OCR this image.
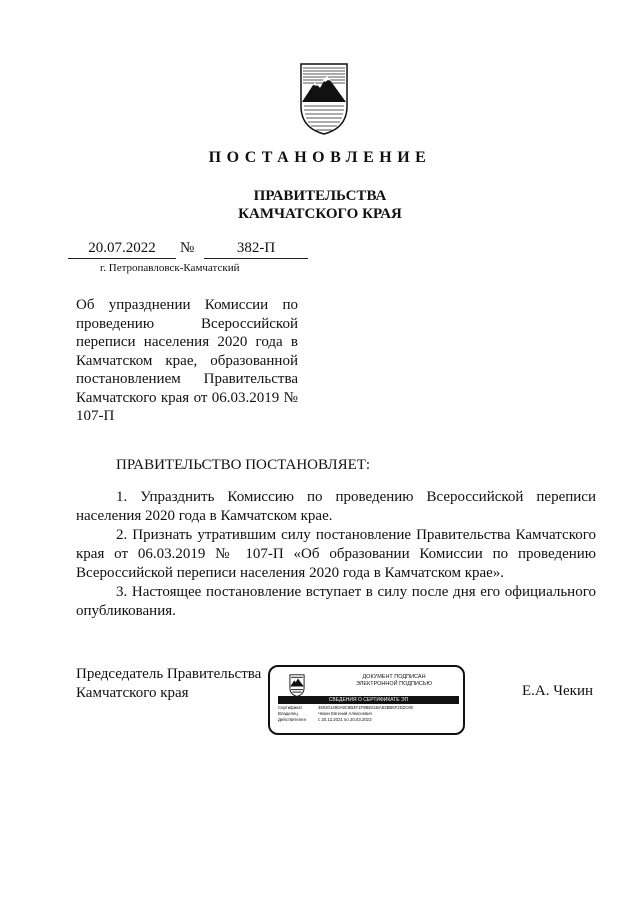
ПОСТАНОВЛЕНИЕ
ПРАВИТЕЛЬСТВА
КАМЧАТСКОГО КРАЯ
20.07.2022	№	382-П
г. Петропавловск-Камчатский
Об упразднении Комиссии по проведению Всероссийской переписи населения 2020 года в Камчатском крае, образованной постановлением Правительства Камчатского края от 06.03.2019 № 107-П
ПРАВИТЕЛЬСТВО ПОСТАНОВЛЯЕТ:

1. Упразднить Комиссию по проведению Всероссийской переписи населения 2020 года в Камчатском крае.

2. Признать утратившим силу постановление Правительства Камчатского края от 06.03.2019 № 107-П «Об образовании Комиссии по проведению Всероссийской переписи населения 2020 года в Камчатском крае».

3. Настоящее постановление вступает в силу после дня его официального опубликования.

Председатель Правительства
Камчатского края
ДОКУМЕНТ ПОДПИСАН
ЭЛЕКТРОННОЙ ПОДПИСЬЮ
СВЕДЕНИЯ О СЕРТИФИКАТЕ ЭП
Сертификат	460301490A9C8B4F1F9BE61BA53BB6F2D2C90
Владелец	Чекин Евгений Алексеевич
Действителен	с 20.12.2021 по 20.03.2023
Е.А. Чекин
